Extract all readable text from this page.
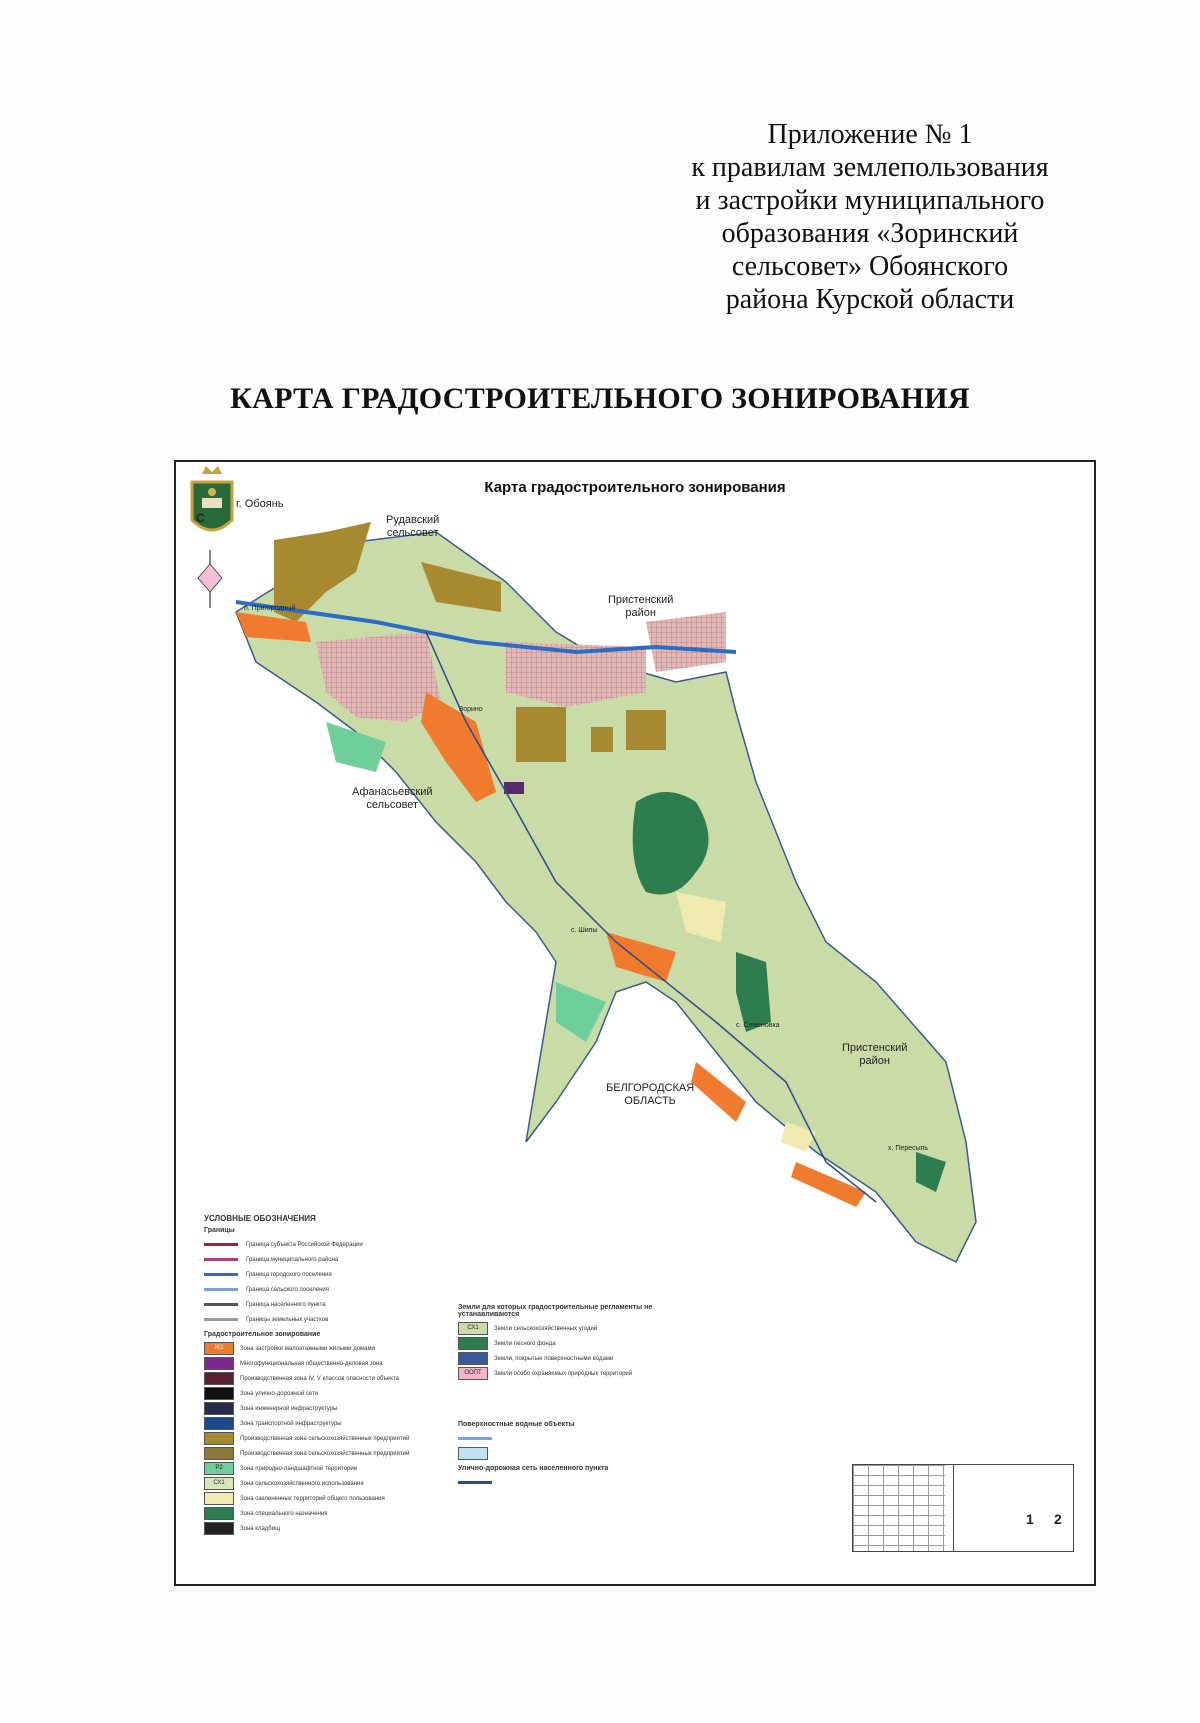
Приложение № 1
к правилам землепользования
и застройки муниципального
образования «Зоринский
сельсовет» Обоянского
района Курской области
КАРТА ГРАДОСТРОИТЕЛЬНОГО ЗОНИРОВАНИЯ
Карта градостроительного зонирования
С
г. Обоянь
Рудавский
сельсовет
Пристенский
район
Афанасьевский
сельсовет
БЕЛГОРОДСКАЯ
ОБЛАСТЬ
Пристенский
район
п. Пригородный
Зорино
с. Шипы
с. Семеновка
х. Пересыпь
УСЛОВНЫЕ ОБОЗНАЧЕНИЯ
Границы
Граница субъекта Российской Федерации
Граница муниципального района
Граница городского поселения
Граница сельского поселения
Граница населенного пункта
Границы земельных участков
Градостроительное зонирование
Ж1	Зона застройки малоэтажными жилыми домами
Многофункциональная общественно-деловая зона
Производственная зона IV, V классов опасности объекта
Зона улично-дорожной сети
Зона инженерной инфраструктуры
Зона транспортной инфраструктуры
Производственная зона сельскохозяйственных предприятий
Производственная зона сельскохозяйственных предприятий
Р2	Зона природно-ландшафтной территории
СХ1	Зона сельскохозяйственного использования
Зона озелененных территорий общего пользования
Зона специального назначения
Зона кладбищ
Земли для которых градостроительные регламенты не устанавливаются
СХ1	Земли сельскохозяйственных угодий
Земли лесного фонда
Земли, покрытые поверхностными водами
ООПТ	Земли особо охраняемых природных территорий
Поверхностные водные объекты
Улично-дорожная сеть населенного пункта
1 2
